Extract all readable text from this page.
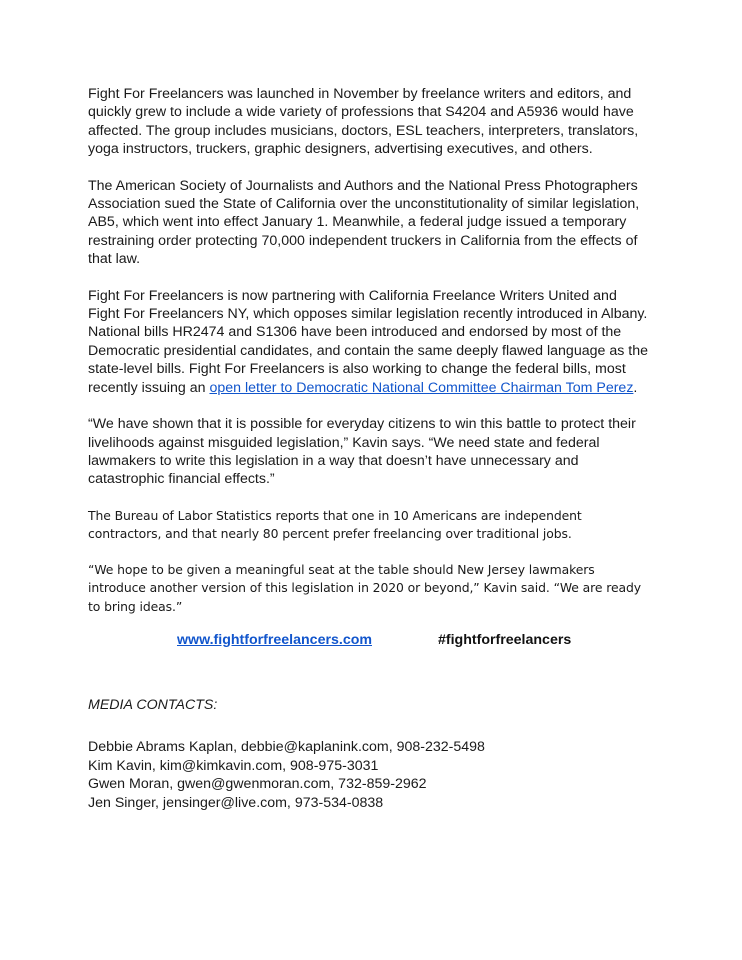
Fight For Freelancers was launched in November by freelance writers and editors, and quickly grew to include a wide variety of professions that S4204 and A5936 would have affected. The group includes musicians, doctors, ESL teachers, interpreters, translators, yoga instructors, truckers, graphic designers, advertising executives, and others.

The American Society of Journalists and Authors and the National Press Photographers Association sued the State of California over the unconstitutionality of similar legislation, AB5, which went into effect January 1. Meanwhile, a federal judge issued a temporary restraining order protecting 70,000 independent truckers in California from the effects of that law.

Fight For Freelancers is now partnering with California Freelance Writers United and Fight For Freelancers NY, which opposes similar legislation recently introduced in Albany. National bills HR2474 and S1306 have been introduced and endorsed by most of the Democratic presidential candidates, and contain the same deeply flawed language as the state-level bills. Fight For Freelancers is also working to change the federal bills, most recently issuing an open letter to Democratic National Committee Chairman Tom Perez.

“We have shown that it is possible for everyday citizens to win this battle to protect their livelihoods against misguided legislation,” Kavin says. “We need state and federal lawmakers to write this legislation in a way that doesn’t have unnecessary and catastrophic financial effects.”

The Bureau of Labor Statistics reports that one in 10 Americans are independent contractors, and that nearly 80 percent prefer freelancing over traditional jobs.

“We hope to be given a meaningful seat at the table should New Jersey lawmakers introduce another version of this legislation in 2020 or beyond,” Kavin said. “We are ready to bring ideas.”

www.fightforfreelancers.com	#fightforfreelancers
MEDIA CONTACTS:
Debbie Abrams Kaplan, debbie@kaplanink.com, 908-232-5498
Kim Kavin, kim@kimkavin.com, 908-975-3031
Gwen Moran, gwen@gwenmoran.com, 732-859-2962
Jen Singer, jensinger@live.com, 973-534-0838
